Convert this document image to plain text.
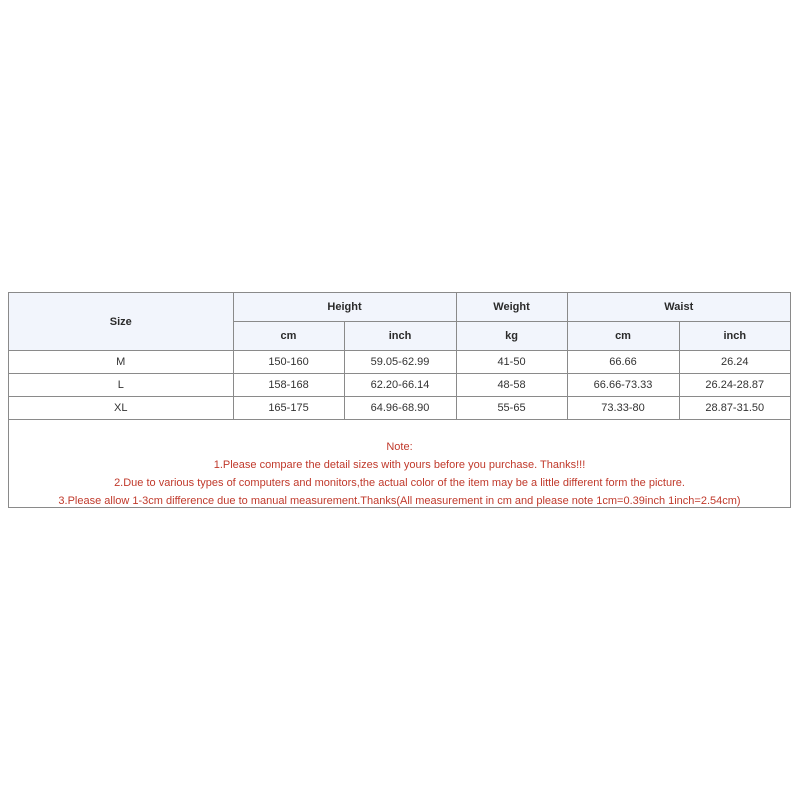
Size	Height		Weight	Waist	
	cm	inch	kg	cm	inch
M	150-160	59.05-62.99	41-50	66.66	26.24
L	158-168	62.20-66.14	48-58	66.66-73.33	26.24-28.87
XL	165-175	64.96-68.90	55-65	73.33-80	28.87-31.50
Note:
1.Please compare the detail sizes with yours before you purchase. Thanks!!!
2.Due to various types of computers and monitors,the actual color of the item may be a little different form the picture.
3.Please allow 1-3cm difference due to manual measurement.Thanks(All measurement in cm and please note 1cm=0.39inch 1inch=2.54cm)
